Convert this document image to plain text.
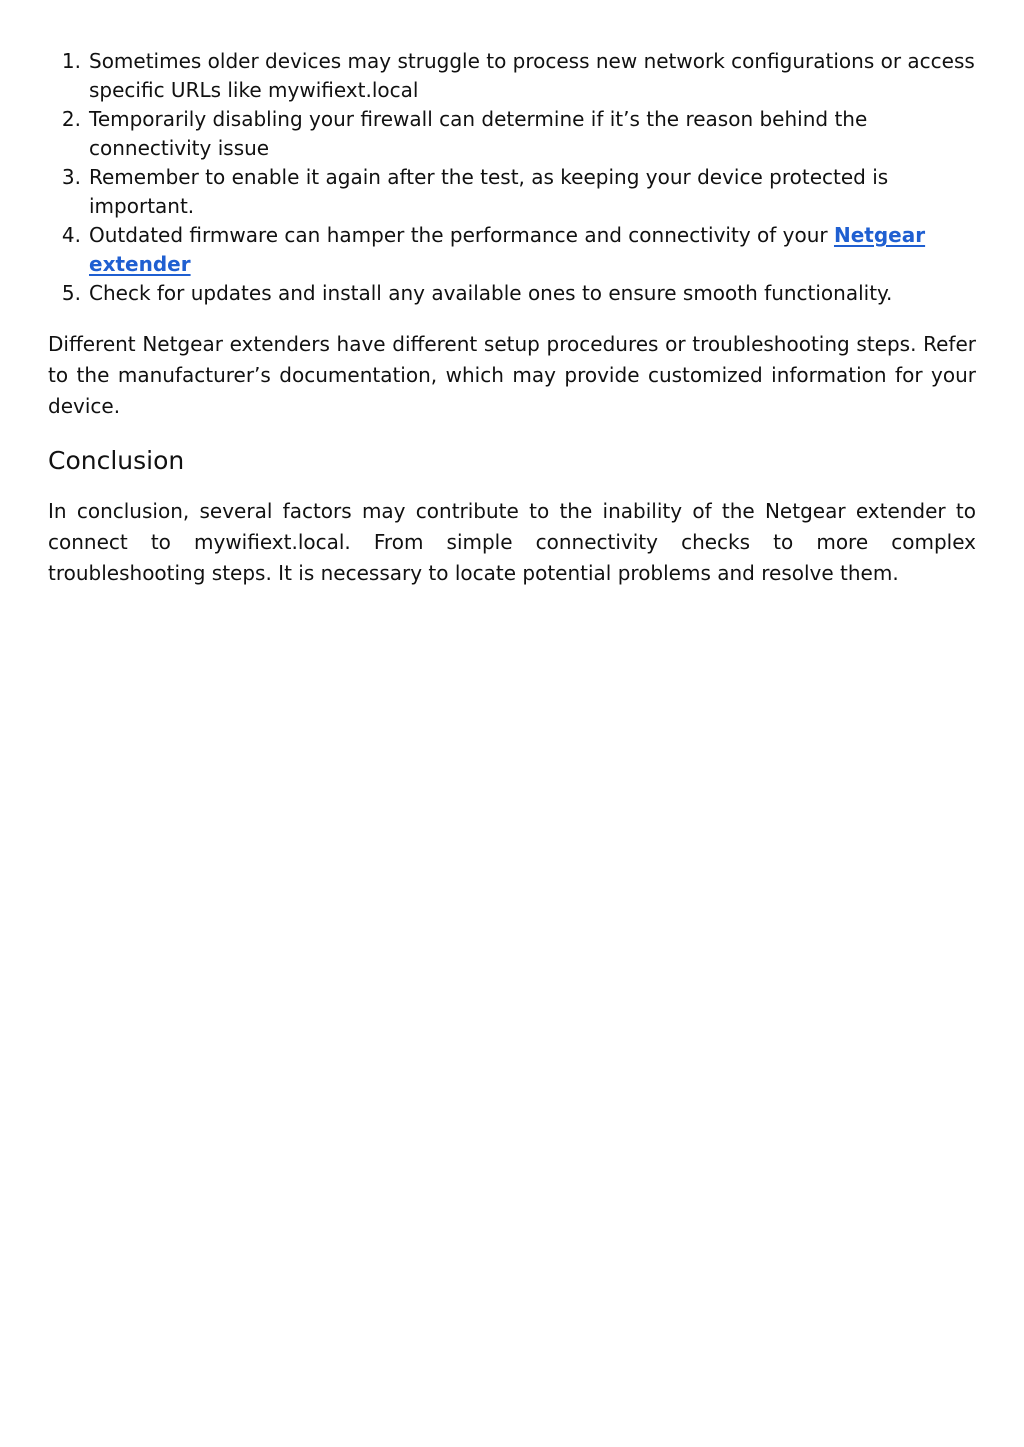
Sometimes older devices may struggle to process new network configurations or access specific URLs like mywifiext.local
Temporarily disabling your firewall can determine if it’s the reason behind the connectivity issue
Remember to enable it again after the test, as keeping your device protected is important.
Outdated firmware can hamper the performance and connectivity of your Netgear extender
Check for updates and install any available ones to ensure smooth functionality.

Different Netgear extenders have different setup procedures or troubleshooting steps. Refer to the manufacturer’s documentation, which may provide customized information for your device.

Conclusion

In conclusion, several factors may contribute to the inability of the Netgear extender to connect to mywifiext.local. From simple connectivity checks to more complex troubleshooting steps. It is necessary to locate potential problems and resolve them.
